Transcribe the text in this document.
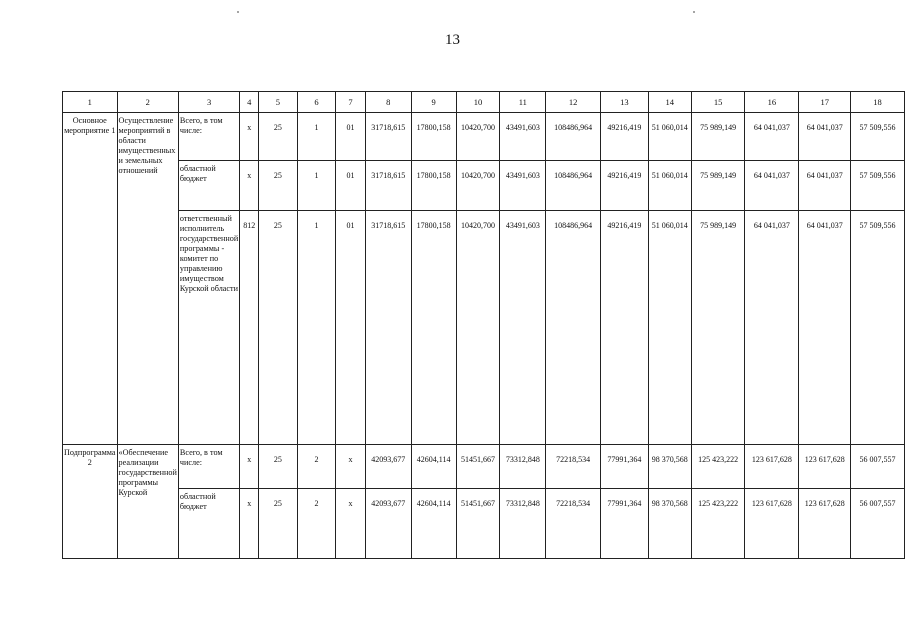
13
1	2	3	4	5	6	7	8	9	10	11	12	13	14	15	16	17	18
Основное мероприятие 1	Осуществление мероприятий в области имущественных и земельных отношений	Всего, в том числе:	x	25	1	01	31718,615	17800,158	10420,700	43491,603	108486,964	49216,419	51 060,014	75 989,149	64 041,037	64 041,037	57 509,556
		областной бюджет	x	25	1	01	31718,615	17800,158	10420,700	43491,603	108486,964	49216,419	51 060,014	75 989,149	64 041,037	64 041,037	57 509,556
		ответственный исполнитель государственной программы - комитет по управлению имуществом Курской области	812	25	1	01	31718,615	17800,158	10420,700	43491,603	108486,964	49216,419	51 060,014	75 989,149	64 041,037	64 041,037	57 509,556
Подпрограмма 2	«Обеспечение реализации государственной программы Курской	Всего, в том числе:	x	25	2	x	42093,677	42604,114	51451,667	73312,848	72218,534	77991,364	98 370,568	125 423,222	123 617,628	123 617,628	56 007,557
		областной бюджет	x	25	2	x	42093,677	42604,114	51451,667	73312,848	72218,534	77991,364	98 370,568	125 423,222	123 617,628	123 617,628	56 007,557
